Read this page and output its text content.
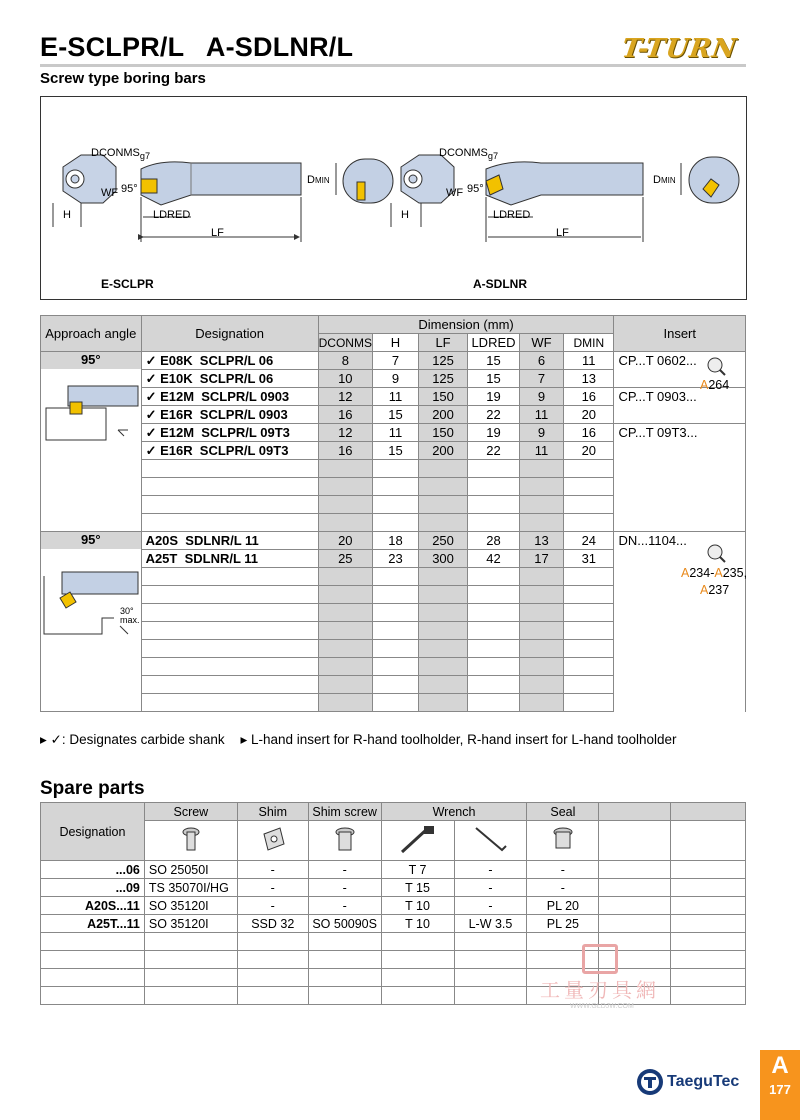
E-SCLPR/L   A-SDLNR/L
Screw type boring bars
T-TURN
$DCONMS_{g7}$
WF 95°
H	LDRED
LF
DMIN
E-SCLPR
$DCONMS_{g7}$
WF 95°
H	LDRED
LF
DMIN
A-SDLNR
Approach angle	Designation	Dimension (mm)						Insert
		DCONMS	H	LF	LDRED	WF	DMIN	

95°	✓ E08K  SCLPR/L 06	8	7	125	15	6	11	CP...T 0602...
	✓ E10K  SCLPR/L 06	10	9	125	15	7	13	
	✓ E12M  SCLPR/L 0903	12	11	150	19	9	16	CP...T 0903...
	✓ E16R  SCLPR/L 0903	16	15	200	22	11	20	
	✓ E12M  SCLPR/L 09T3	12	11	150	19	9	16	CP...T 09T3...
	✓ E16R  SCLPR/L 09T3	16	15	200	22	11	20	

95°	A20S  SDLNR/L 11	20	18	250	28	13	24	DN...1104...
	A25T  SDLNR/L 11	25	23	300	42	17	31	

30°
max.
A264
A234-A235,
A237
▸ ✓: Designates carbide shank ▸ L-hand insert for R-hand toolholder, R-hand insert for L-hand toolholder
Spare parts
Designation	Screw	Shim	Shim screw	Wrench		Seal		

...06	SO 25050I	-	-	T 7	-	-		
...09	TS 35070I/HG	-	-	T 15	-	-		
A20S...11	SO 35120I	-	-	T 10	-	PL 20		
A25T...11	SO 35120I	SSD 32	SO 50090S	T 10	L-W 3.5	PL 25		

工量刃具網
WWW.GLDJW.COM
TaeguTec
A
177
